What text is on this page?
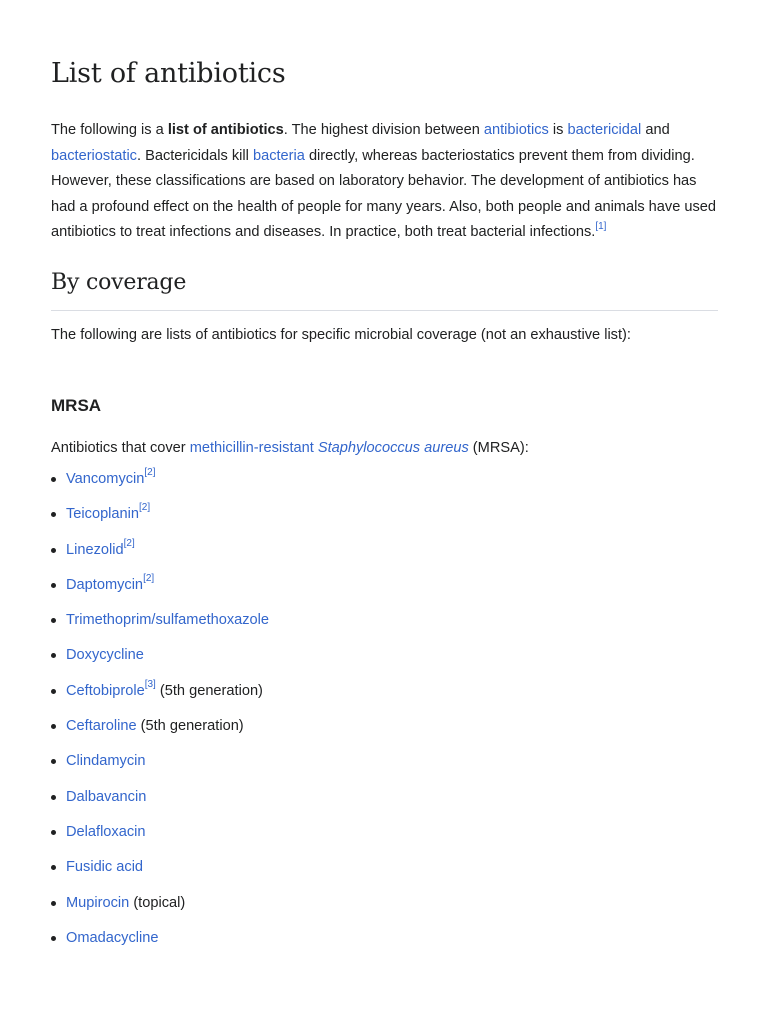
List of antibiotics

The following is a list of antibiotics. The highest division between antibiotics is bactericidal and bacteriostatic. Bactericidals kill bacteria directly, whereas bacteriostatics prevent them from dividing. However, these classifications are based on laboratory behavior. The development of antibiotics has had a profound effect on the health of people for many years. Also, both people and animals have used antibiotics to treat infections and diseases. In practice, both treat bacterial infections.[1]

By coverage

The following are lists of antibiotics for specific microbial coverage (not an exhaustive list):

MRSA

Antibiotics that cover methicillin-resistant Staphylococcus aureus (MRSA):

Vancomycin[2]
Teicoplanin[2]
Linezolid[2]
Daptomycin[2]
Trimethoprim/sulfamethoxazole
Doxycycline
Ceftobiprole[3] (5th generation)
Ceftaroline (5th generation)
Clindamycin
Dalbavancin
Delafloxacin
Fusidic acid
Mupirocin (topical)
Omadacycline
